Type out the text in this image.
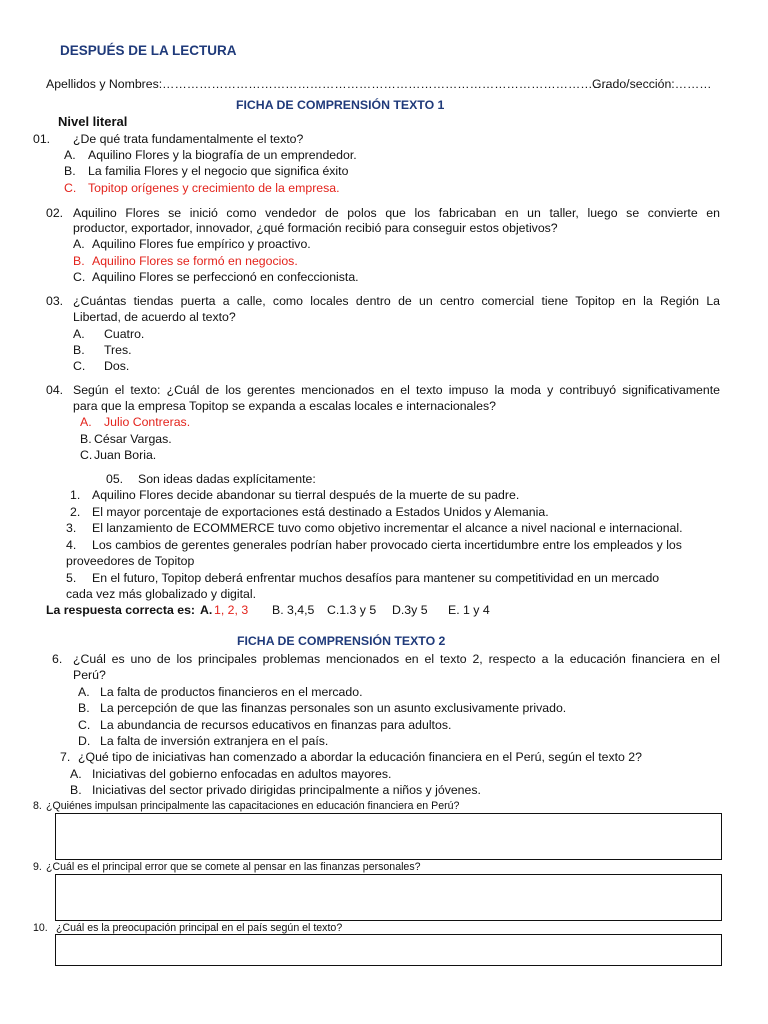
DESPUÉS DE LA LECTURA
Apellidos y Nombres:……………………………………………………………………………………………….
Grado/sección:………
FICHA DE COMPRENSIÓN TEXTO 1
Nivel literal
01. ¿De qué trata fundamentalmente el texto?
A. Aquilino Flores y la biografía de un emprendedor.
B. La familia Flores y el negocio que significa éxito
C. Topitop orígenes y crecimiento de la empresa.
02. Aquilino Flores se inició como vendedor de polos que los fabricaban en un taller, luego se convierte en
productor, exportador, innovador, ¿qué formación recibió para conseguir estos objetivos?
A. Aquilino Flores fue empírico y proactivo.
B. Aquilino Flores se formó en negocios.
C. Aquilino Flores se perfeccionó en confeccionista.
03. ¿Cuántas tiendas puerta a calle, como locales dentro de un centro comercial tiene Topitop en la Región La
Libertad, de acuerdo al texto?
A. Cuatro.
B. Tres.
C. Dos.
04. Según el texto: ¿Cuál de los gerentes mencionados en el texto impuso la moda y contribuyó significativamente
para que la empresa Topitop se expanda a escalas locales e internacionales?
A. Julio Contreras.
B. César Vargas.
C. Juan Boria.
05. Son ideas dadas explícitamente:
1. Aquilino Flores decide abandonar su tierral después de la muerte de su padre.
2. El mayor porcentaje de exportaciones está destinado a Estados Unidos y Alemania.
3. El lanzamiento de ECOMMERCE tuvo como objetivo incrementar el alcance a nivel nacional e internacional.
4. Los cambios de gerentes generales podrían haber provocado cierta incertidumbre entre los empleados y los
proveedores de Topitop
5. En el futuro, Topitop deberá enfrentar muchos desafíos para mantener su competitividad en un mercado
cada vez más globalizado y digital.
La respuesta correcta es: A. 1, 2, 3 B. 3,4,5 C.1.3 y 5 D.3y 5 E. 1 y 4
FICHA DE COMPRENSIÓN TEXTO 2
6. ¿Cuál es uno de los principales problemas mencionados en el texto 2, respecto a la educación financiera en el
Perú?
A. La falta de productos financieros en el mercado.
B. La percepción de que las finanzas personales son un asunto exclusivamente privado.
C. La abundancia de recursos educativos en finanzas para adultos.
D. La falta de inversión extranjera en el país.
7. ¿Qué tipo de iniciativas han comenzado a abordar la educación financiera en el Perú, según el texto 2?
A. Iniciativas del gobierno enfocadas en adultos mayores.
B. Iniciativas del sector privado dirigidas principalmente a niños y jóvenes.
8. ¿Quiénes impulsan principalmente las capacitaciones en educación financiera en Perú?
9. ¿Cuál es el principal error que se comete al pensar en las finanzas personales?
10. ¿Cuál es la preocupación principal en el país según el texto?
